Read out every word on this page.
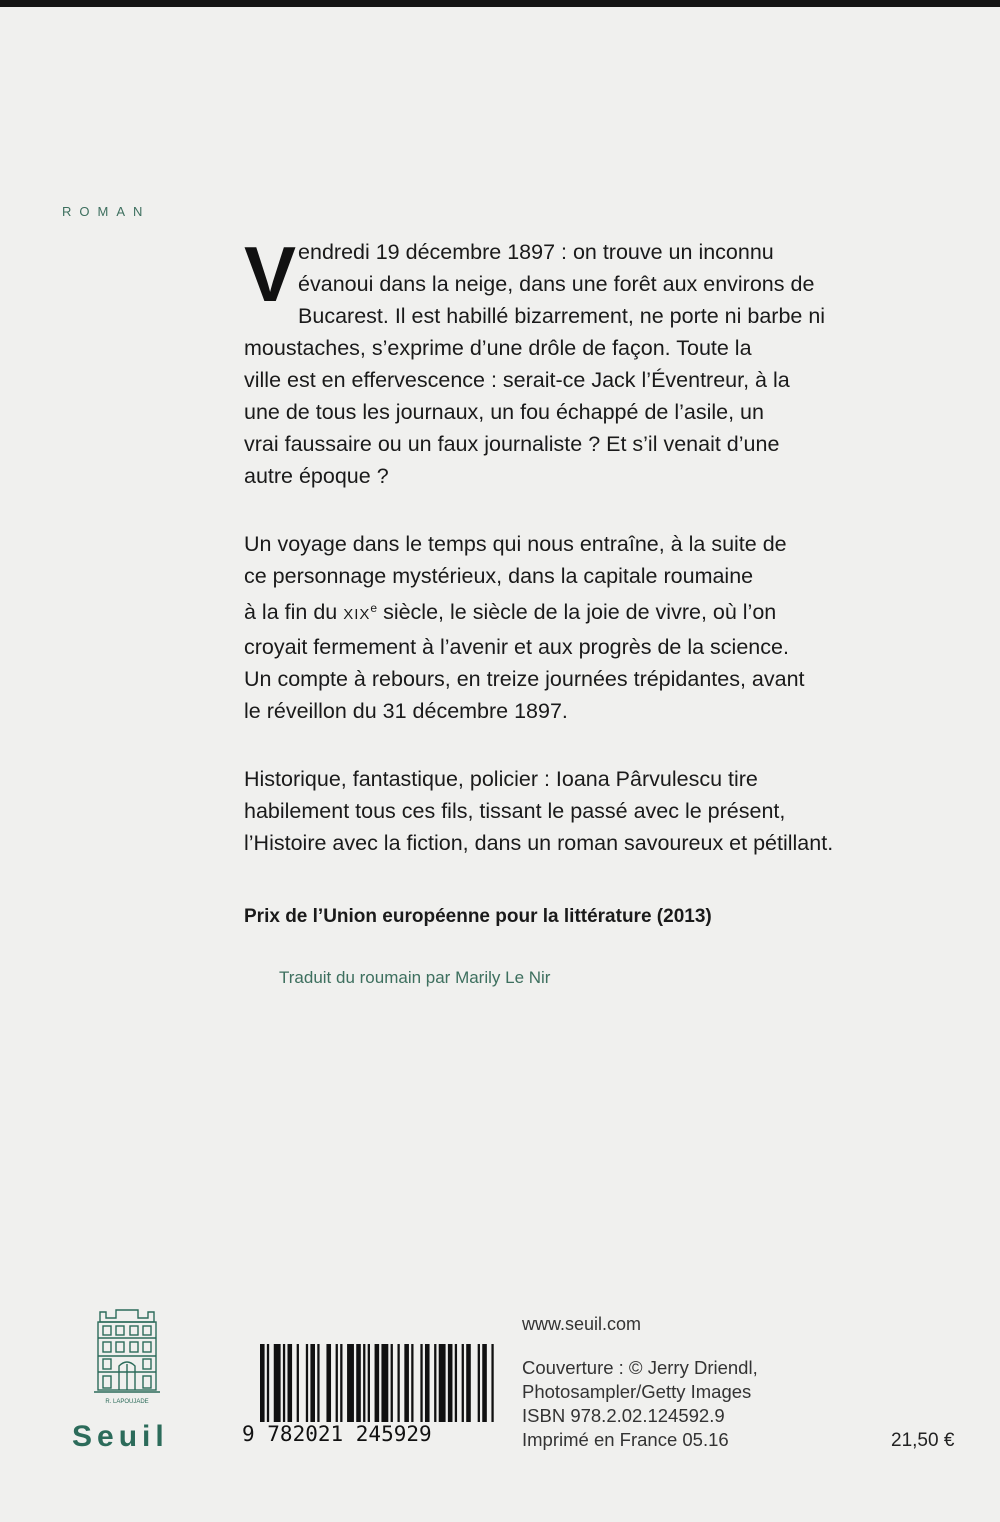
ROMAN

V endredi 19 décembre 1897 : on trouve un inconnu
évanoui dans la neige, dans une forêt aux environs de
Bucarest. Il est habillé bizarrement, ne porte ni barbe ni
moustaches, s’exprime d’une drôle de façon. Toute la
ville est en effervescence : serait-ce Jack l’Éventreur, à la
une de tous les journaux, un fou échappé de l’asile, un
vrai faussaire ou un faux journaliste ? Et s’il venait d’une
autre époque ?

Un voyage dans le temps qui nous entraîne, à la suite de
ce personnage mystérieux, dans la capitale roumaine
à la fin du XIXe siècle, le siècle de la joie de vivre, où l’on
croyait fermement à l’avenir et aux progrès de la science.
Un compte à rebours, en treize journées trépidantes, avant
le réveillon du 31 décembre 1897.

Historique, fantastique, policier : Ioana Pârvulescu tire
habilement tous ces fils, tissant le passé avec le présent,
l’Histoire avec la fiction, dans un roman savoureux et pétillant.

Prix de l’Union européenne pour la littérature (2013)
Traduit du roumain par Marily Le Nir
R. LAPOUJADE
Seuil	9 782021 245929
www.seuil.com
Couverture : © Jerry Driendl,
Photosampler/Getty Images
ISBN 978.2.02.124592.9
Imprimé en France 05.16	21,50 €
